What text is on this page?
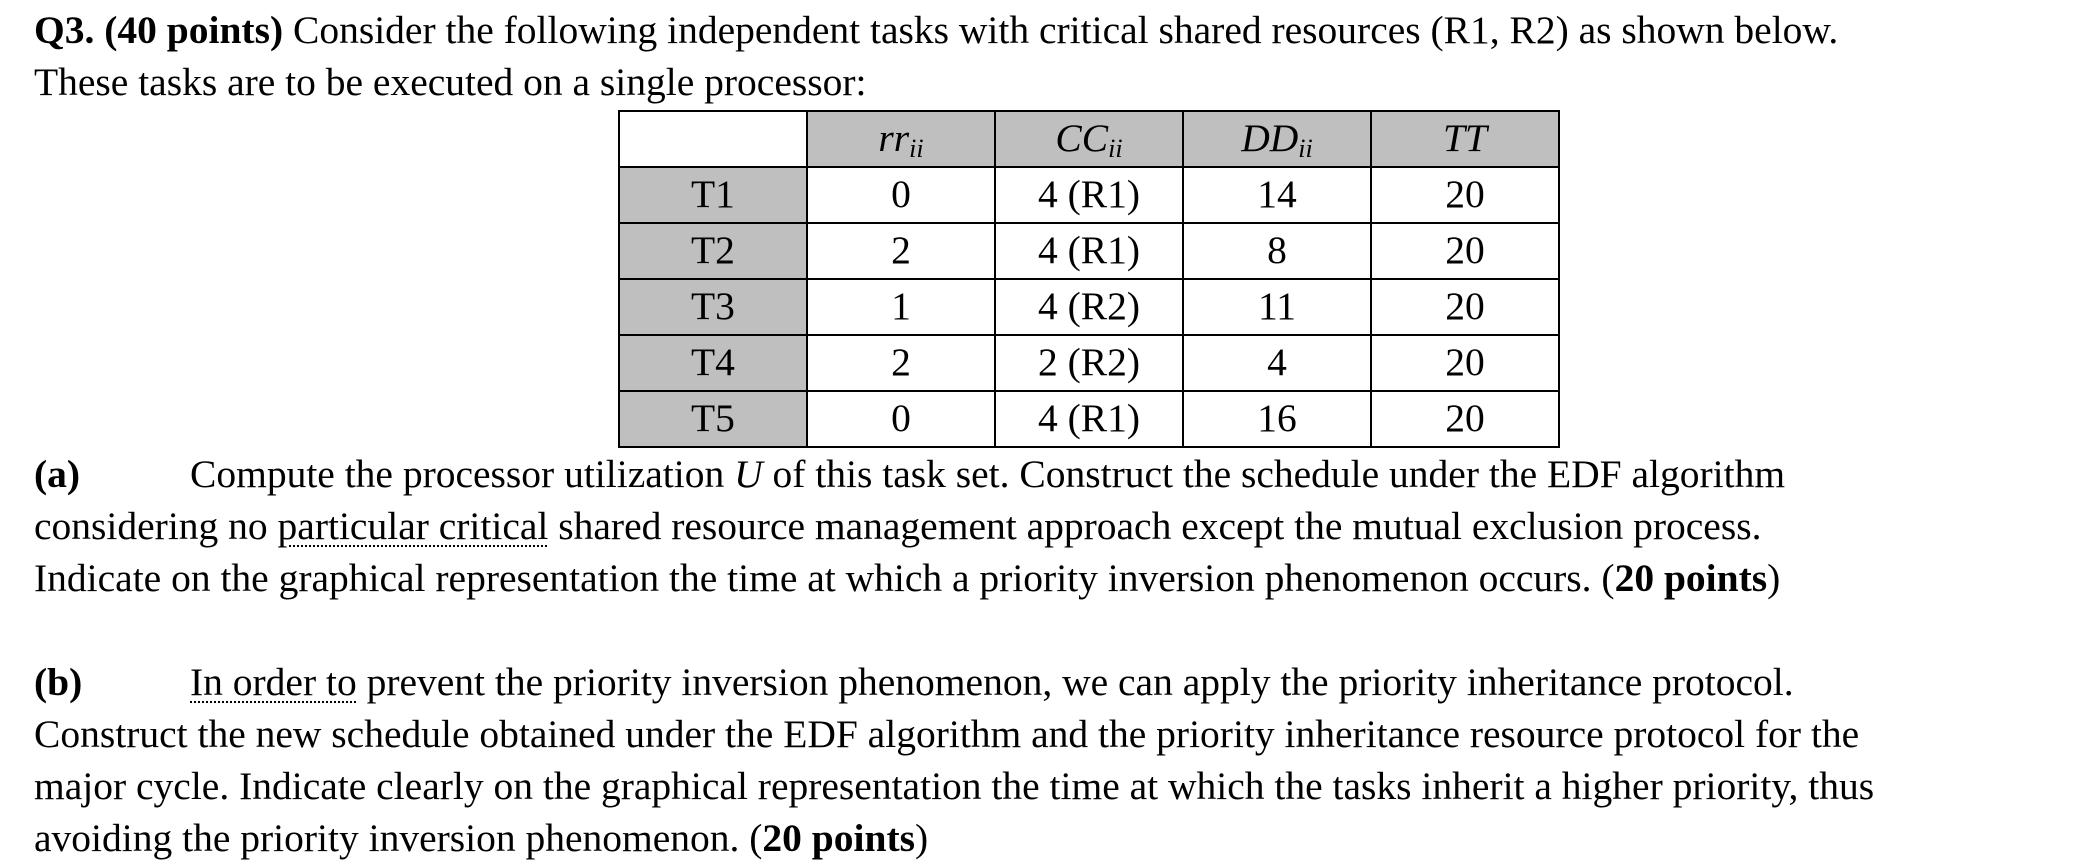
Q3. (40 points) Consider the following independent tasks with critical shared resources (R1, R2) as shown below.
These tasks are to be executed on a single processor:
	$rr_{ii}$	$CC_{ii}$	$DD_{ii}$	TT
T1	0	4 (R1)	14	20
T2	2	4 (R1)	8	20
T3	1	4 (R2)	11	20
T4	2	2 (R2)	4	20
T5	0	4 (R1)	16	20
(a)	Compute the processor utilization U of this task set. Construct the schedule under the EDF algorithm
considering no particular critical shared resource management approach except the mutual exclusion process.
Indicate on the graphical representation the time at which a priority inversion phenomenon occurs. (20 points)
(b)	In order to prevent the priority inversion phenomenon, we can apply the priority inheritance protocol.
Construct the new schedule obtained under the EDF algorithm and the priority inheritance resource protocol for the
major cycle. Indicate clearly on the graphical representation the time at which the tasks inherit a higher priority, thus
avoiding the priority inversion phenomenon. (20 points)
